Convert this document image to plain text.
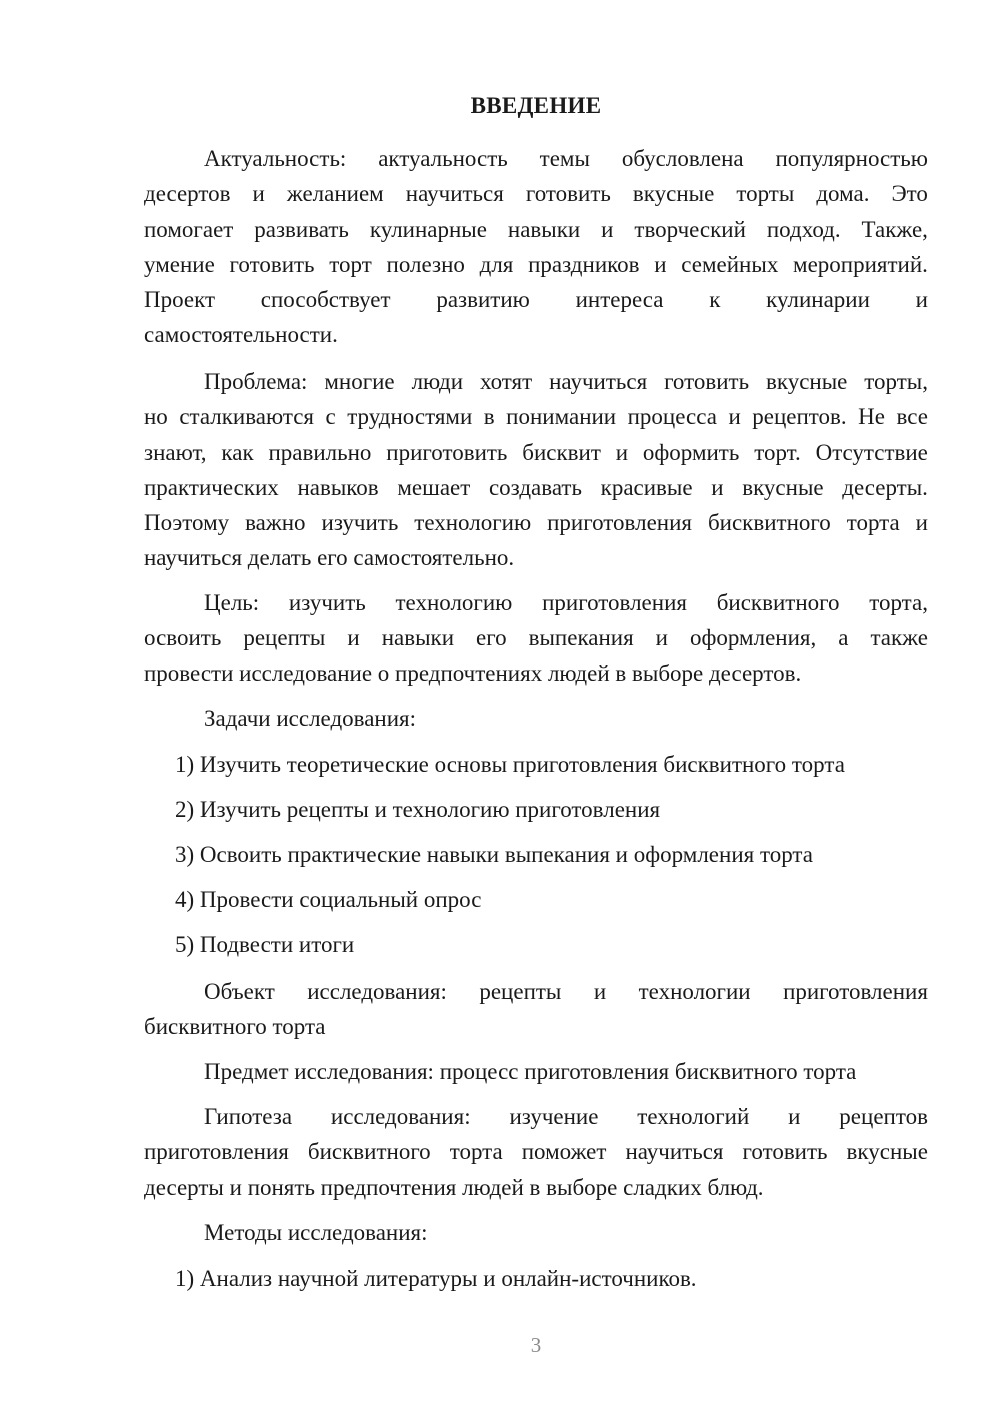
ВВЕДЕНИЕ
Актуальность: актуальность темы обусловлена популярностью
десертов и желанием научиться готовить вкусные торты дома. Это
помогает развивать кулинарные навыки и творческий подход. Также,
умение готовить торт полезно для праздников и семейных мероприятий.
Проект способствует развитию интереса к кулинарии и
самостоятельности.
Проблема: многие люди хотят научиться готовить вкусные торты,
но сталкиваются с трудностями в понимании процесса и рецептов. Не все
знают, как правильно приготовить бисквит и оформить торт. Отсутствие
практических навыков мешает создавать красивые и вкусные десерты.
Поэтому важно изучить технологию приготовления бисквитного торта и
научиться делать его самостоятельно.
Цель: изучить технологию приготовления бисквитного торта,
освоить рецепты и навыки его выпекания и оформления, а также
провести исследование о предпочтениях людей в выборе десертов.
Задачи исследования:
1) Изучить теоретические основы приготовления бисквитного торта
2) Изучить рецепты и технологию приготовления
3) Освоить практические навыки выпекания и оформления торта
4) Провести социальный опрос
5) Подвести итоги
Объект исследования: рецепты и технологии приготовления
бисквитного торта
Предмет исследования: процесс приготовления бисквитного торта
Гипотеза исследования: изучение технологий и рецептов
приготовления бисквитного торта поможет научиться готовить вкусные
десерты и понять предпочтения людей в выборе сладких блюд.
Методы исследования:
1) Анализ научной литературы и онлайн-источников.
3
